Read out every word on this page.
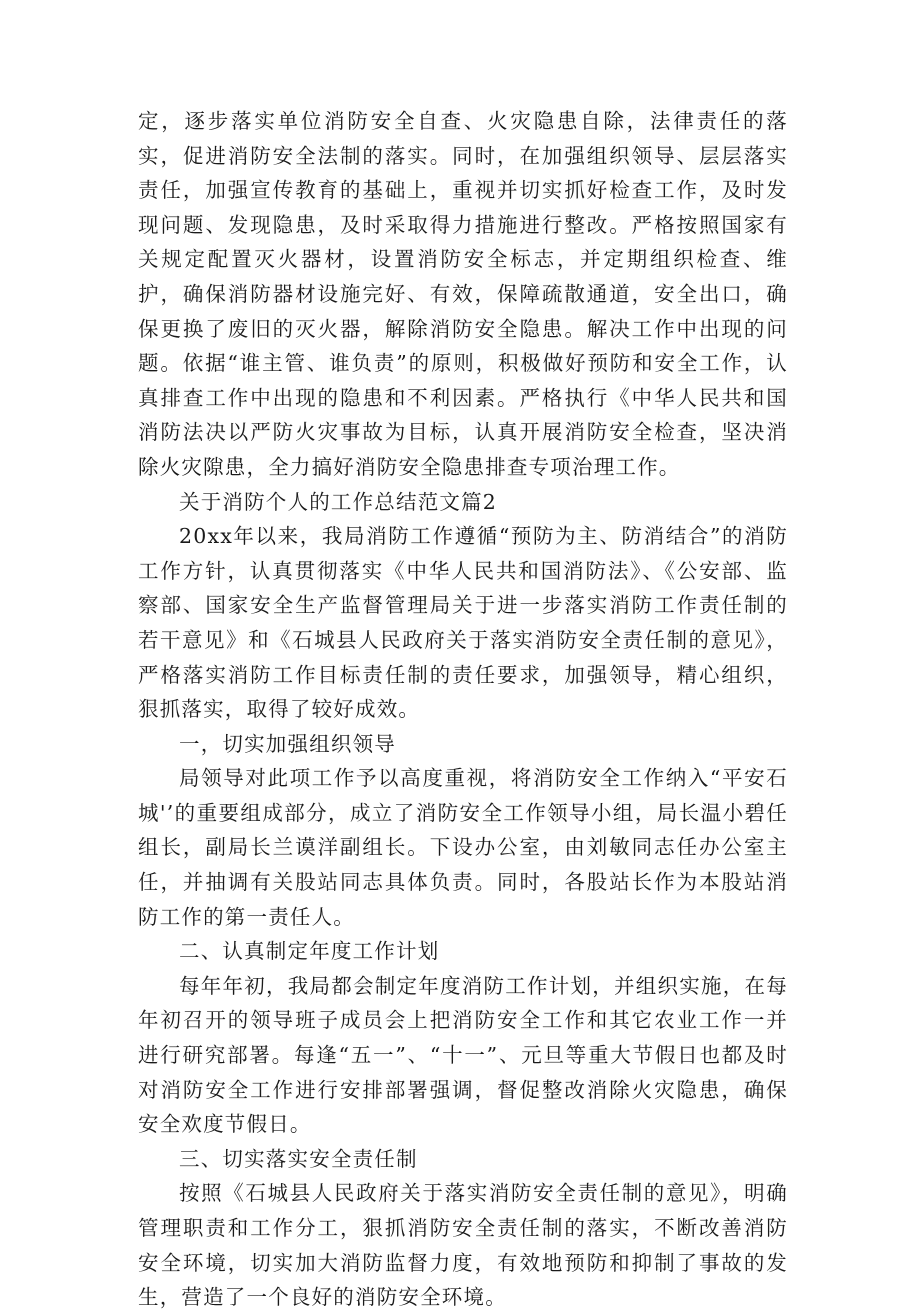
定，逐步落实单位消防安全自查、火灾隐患自除，法律责任的落实，促进消防安全法制的落实。同时，在加强组织领导、层层落实责任，加强宣传教育的基础上，重视并切实抓好检查工作，及时发现问题、发现隐患，及时采取得力措施进行整改。严格按照国家有关规定配置灭火器材，设置消防安全标志，并定期组织检查、维护，确保消防器材设施完好、有效，保障疏散通道，安全出口，确保更换了废旧的灭火器，解除消防安全隐患。解决工作中出现的问题。依据“谁主管、谁负责”的原则，积极做好预防和安全工作，认真排查工作中出现的隐患和不利因素。严格执行《中华人民共和国消防法决以严防火灾事故为目标，认真开展消防安全检查，坚决消除火灾隙患，全力搞好消防安全隐患排查专项治理工作。

关于消防个人的工作总结范文篇2

20xx年以来，我局消防工作遵循“预防为主、防消结合”的消防工作方针，认真贯彻落实《中华人民共和国消防法》、《公安部、监察部、国家安全生产监督管理局关于进一步落实消防工作责任制的若干意见》和《石城县人民政府关于落实消防安全责任制的意见》，严格落实消防工作目标责任制的责任要求，加强领导，精心组织，狠抓落实，取得了较好成效。

一，切实加强组织领导

局领导对此项工作予以高度重视，将消防安全工作纳入“平安石城'’的重要组成部分，成立了消防安全工作领导小组，局长温小碧任组长，副局长兰谟洋副组长。下设办公室，由刘敏同志任办公室主任，并抽调有关股站同志具体负责。同时，各股站长作为本股站消防工作的第一责任人。

二、认真制定年度工作计划

每年年初，我局都会制定年度消防工作计划，并组织实施，在每年初召开的领导班子成员会上把消防安全工作和其它农业工作一并进行研究部署。每逢“五一”、“十一”、元旦等重大节假日也都及时对消防安全工作进行安排部署强调，督促整改消除火灾隐患，确保安全欢度节假日。

三、切实落实安全责任制

按照《石城县人民政府关于落实消防安全责任制的意见》，明确管理职责和工作分工，狠抓消防安全责任制的落实，不断改善消防安全环境，切实加大消防监督力度，有效地预防和抑制了事故的发生，营造了一个良好的消防安全环境。
